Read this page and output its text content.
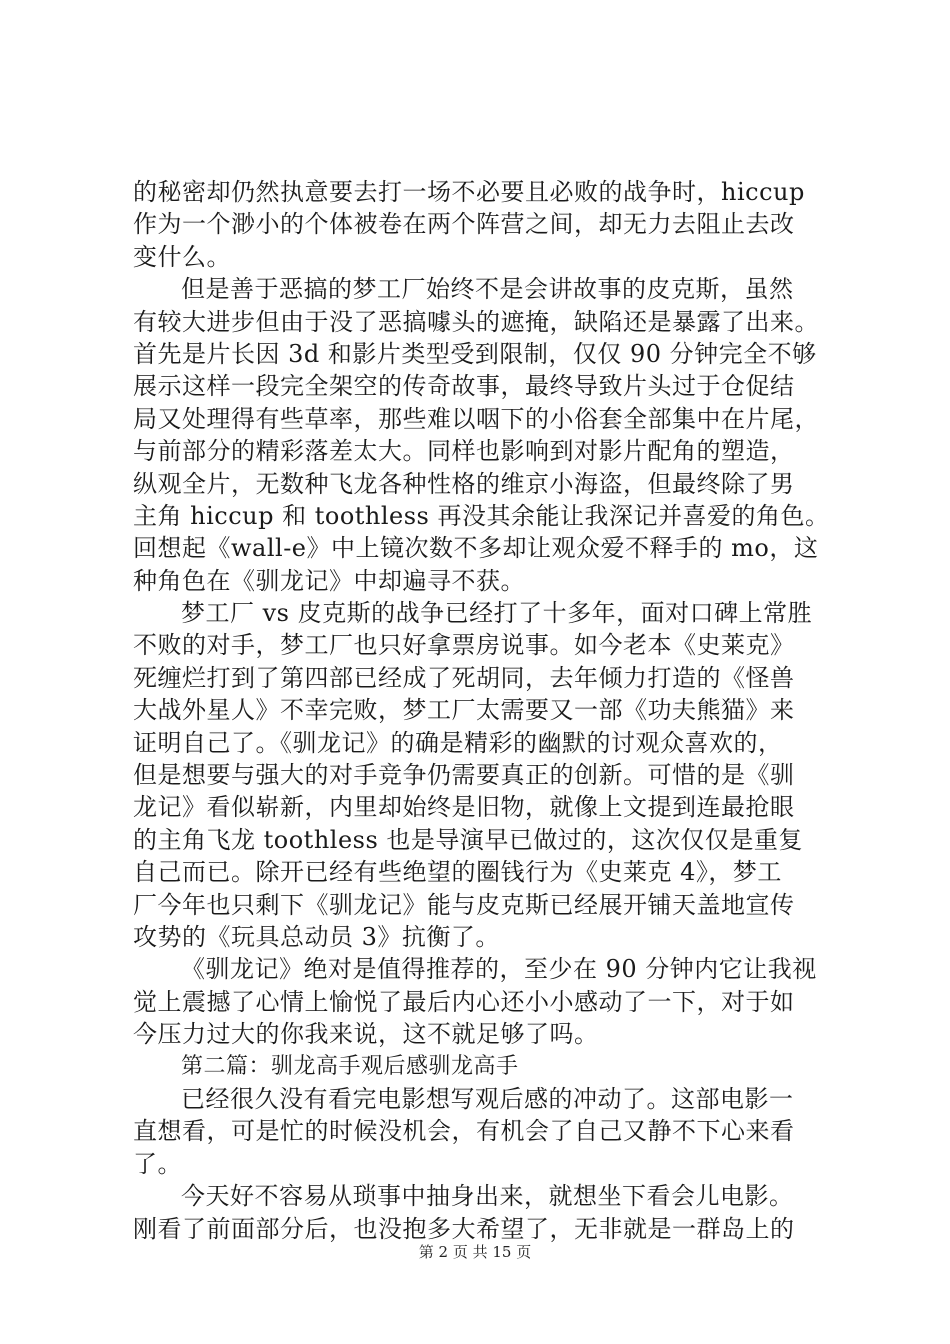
的秘密却仍然执意要去打一场不必要且必败的战争时，hiccup
作为一个渺小的个体被卷在两个阵营之间，却无力去阻止去改
变什么。
但是善于恶搞的梦工厂始终不是会讲故事的皮克斯，虽然
有较大进步但由于没了恶搞噱头的遮掩，缺陷还是暴露了出来。
首先是片长因 3d 和影片类型受到限制，仅仅 90 分钟完全不够
展示这样一段完全架空的传奇故事，最终导致片头过于仓促结
局又处理得有些草率，那些难以咽下的小俗套全部集中在片尾，
与前部分的精彩落差太大。同样也影响到对影片配角的塑造，
纵观全片，无数种飞龙各种性格的维京小海盗，但最终除了男
主角 hiccup 和 toothless 再没其余能让我深记并喜爱的角色。
回想起《wall-e》中上镜次数不多却让观众爱不释手的 mo，这
种角色在《驯龙记》中却遍寻不获。
梦工厂 vs 皮克斯的战争已经打了十多年，面对口碑上常胜
不败的对手，梦工厂也只好拿票房说事。如今老本《史莱克》
死缠烂打到了第四部已经成了死胡同，去年倾力打造的《怪兽
大战外星人》不幸完败，梦工厂太需要又一部《功夫熊猫》来
证明自己了。《驯龙记》的确是精彩的幽默的讨观众喜欢的，
但是想要与强大的对手竞争仍需要真正的创新。可惜的是《驯
龙记》看似崭新，内里却始终是旧物，就像上文提到连最抢眼
的主角飞龙 toothless 也是导演早已做过的，这次仅仅是重复
自己而已。除开已经有些绝望的圈钱行为《史莱克 4》，梦工
厂今年也只剩下《驯龙记》能与皮克斯已经展开铺天盖地宣传
攻势的《玩具总动员 3》抗衡了。
《驯龙记》绝对是值得推荐的，至少在 90 分钟内它让我视
觉上震撼了心情上愉悦了最后内心还小小感动了一下，对于如
今压力过大的你我来说，这不就足够了吗。
第二篇：驯龙高手观后感驯龙高手
已经很久没有看完电影想写观后感的冲动了。这部电影一
直想看，可是忙的时候没机会，有机会了自己又静不下心来看
了。
今天好不容易从琐事中抽身出来，就想坐下看会儿电影。
刚看了前面部分后，也没抱多大希望了，无非就是一群岛上的
第 2 页 共 15 页
